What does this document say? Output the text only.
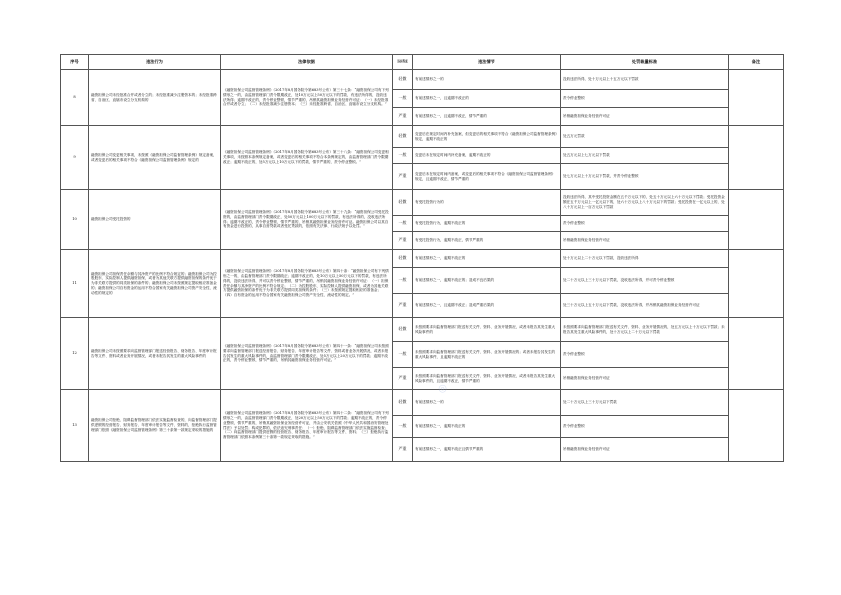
序号	违法行为	法律依据	违法程度	违法情节	处罚裁量标准	备注
8	融资担保公司未经批准合并或者分立的；未经批准减少注册资本的；未经批准跨省、自治区、直辖市设立分支机构的	《融资担保公司监督管理条例》（2017年8月国务院令第683号公布）第三十七条：“融资担保公司有下列情形之一的，由监督管理部门责令限期改正，处10万元以上50万元以下的罚款，有违法所得的，没收违法所得；逾期不改正的，责令停业整顿，情节严重的，吊销其融资担保业务经营许可证：（一）未经批准合并或者分立；（二）未经批准减少注册资本；（三）未经批准跨省、自治区、直辖市设立分支机构。”	轻微	有前述情形之一的	没收违法所得，处十万元以上十五万元以下罚款	
			一般	有前述情形之一，且逾期不改正的	责令停业整顿	
			严重	有前述情形之一，且逾期不改正，情节严重的	吊销融资担保业务经营许可证	
9	融资担保公司变更相关事项，未按照《融资担保公司监督管理条例》规定备案，或者变更后的相关事项不符合《融资担保公司监督管理条例》规定的	《融资担保公司监督管理条例》（2017年8月国务院令第683号公布）第三十八条：“融资担保公司变更相关事项，未按照本条例规定备案，或者变更后的相关事项不符合本条例规定的，由监督管理部门责令限期改正；逾期不改正的，处5万元以上10万元以下的罚款，情节严重的，责令停业整顿。”	轻微	变更后在规定时间内补充备案，但变更后的相关事项不符合《融资担保公司监督管理条例》规定，逾期不改正的	处五万元罚款	
			一般	变更后未在规定时间内补充备案，逾期不改正的	处五万元以上七万元以下罚款	
			严重	变更后未在规定时间内备案，或变更后的相关事项不符合《融资担保公司监督管理条例》规定，且逾期不改正，情节严重的	处七万元以上十万元以下罚款，并责令停业整顿	
10	融资担保公司受托投资的	《融资担保公司监督管理条例》（2017年8月国务院令第683号公布）第三十九条：“融资担保公司受托投资的，由监督管理部门责令限期改正，处50万元以上100万元以下的罚款，有违法所得的，没收违法所得；逾期不改正的，责令停业整顿，情节严重的，吊销其融资担保业务经营许可证。融资担保公司以其自有资金进行投资的，从事自营贷款或者受托贷款的，依照有关法律、行政法规予以处罚。”	轻微	有受托投资行为的	没收违法所得，其中受托投资金额在五千万元以下的，处五十万元以上六十万元以下罚款；受托投资金额在五千万元以上一亿元以下的，处六十万元以上八十万元以下的罚款；受托投资在一亿元以上的，处八十万元以上一百万元以下罚款	
			一般	有受托投资行为，逾期不改正的	责令停业整顿	
			严重	有受托投资行为，逾期不改正，情节严重的	吊销融资担保业务经营许可证	
11	融资担保公司担保责任余额与其净资产的比例不符合规定的；融资担保公司为控股股东、实际控制人提供融资担保，或者为其他关联方提供融资担保的条件优于为非关联方提供的同类担保的条件的；融资担保公司未按照规定提取相应准备金的；融资担保公司自有资金的运用不符合国家有关融资担保公司资产安全性、流动性的规定的	《融资担保公司监督管理条例》（2017年8月国务院令第683号公布）第四十条：“融资担保公司有下列情形之一的，由监督管理部门责令限期改正；逾期不改正的，处10万元以上50万元以下的罚款，有违法所得的，没收违法所得，并可以责令停业整顿，情节严重的，吊销其融资担保业务经营许可证：（一）担保责任余额与其净资产的比例不符合规定；（二）为控股股东、实际控制人提供融资担保，或者为其他关联方提供融资担保的条件优于为非关联方提供同类担保的条件；（三）未按照规定提取相应的准备金；（四）自有资金的运用不符合国家有关融资担保公司资产安全性、流动性的规定。”	轻微	有前述情形之一，逾期不改正的	处十万元以上二十万元以下罚款，没收违法所得	
			一般	有前述情形之一，逾期不改正的；造成不良后果的	处二十万元以上三十万元以下罚款，没收违法所得，并可责令停业整顿	
			严重	有前述情形之一，且逾期不改正；造成严重后果的	处三十万元以上五十万元以下罚款，没收违法所得，并吊销其融资担保业务经营许可证	
12	融资担保公司未按照要求向监督管理部门报送经营报告、财务报告、年度审计报告等文件、资料或者业务开展情况，或者未报告其发生的重大风险事件的	《融资担保公司监督管理条例》（2017年8月国务院令第683号公布）第四十一条：“融资担保公司未按照要求向监督管理部门报送经营报告、财务报告、年度审计报告等文件、资料或者业务开展情况，或者未报告其发生的重大风险事件的，由监督管理部门责令限期改正，处5万元以上20万元以下的罚款；逾期不改正的，责令停业整顿，情节严重的，吊销其融资担保业务经营许可证。”	轻微	未按照要求向监督管理部门报送有关文件、资料、业务开展情况，或者未报告其发生重大风险事件的	未按照要求向监督管理部门报送有关文件、资料、业务开展情况的，处五万元以上十万元以下罚款；未报告其发生重大风险事件的，处十万元以上二十万元以下罚款	
			一般	未按照要求向监督管理部门报送有关文件、资料、业务开展情况的；或者未报告其发生的重大风险事件，且逾期不改正的	责令停业整顿	
			严重	未按照要求向监督管理部门报送有关文件、资料、业务开展情况，或者未报告其发生重大风险事件的，且逾期不改正，情节严重的	吊销融资担保业务经营许可证	
13	融资担保公司拒绝、阻碍监督管理部门依法实施监督检查的，向监督管理部门提供虚假的经营报告、财务报告、年度审计报告等文件、资料的，拒绝执行监督管理部门依照《融资担保公司监督管理条例》第三十条第一款规定采取的措施的	《融资担保公司监督管理条例》（2017年8月国务院令第683号公布）第四十二条：“融资担保公司有下列情形之一的，由监督管理部门责令限期改正，处20万元以上50万元以下的罚款；逾期不改正的，责令停业整顿，情节严重的，吊销其融资担保业务经营许可证，并由公安机关依照《中华人民共和国治安管理处罚法》予以处罚；构成犯罪的，依法追究刑事责任：（一）拒绝、阻碍监督管理部门依法实施监督检查；（二）向监督管理部门提供虚假的经营报告、财务报告、年度审计报告等文件、资料；（三）拒绝执行监督管理部门依照本条例第三十条第一款规定采取的措施。”	轻微	有前述情形之一的	处二十万元以上三十万元以下罚款	
			一般	有前述情形之一，逾期不改正的	责令停业整顿	
			严重	有前述情形之一，逾期不改正且情节严重的	吊销融资担保业务经营许可证	
◎
